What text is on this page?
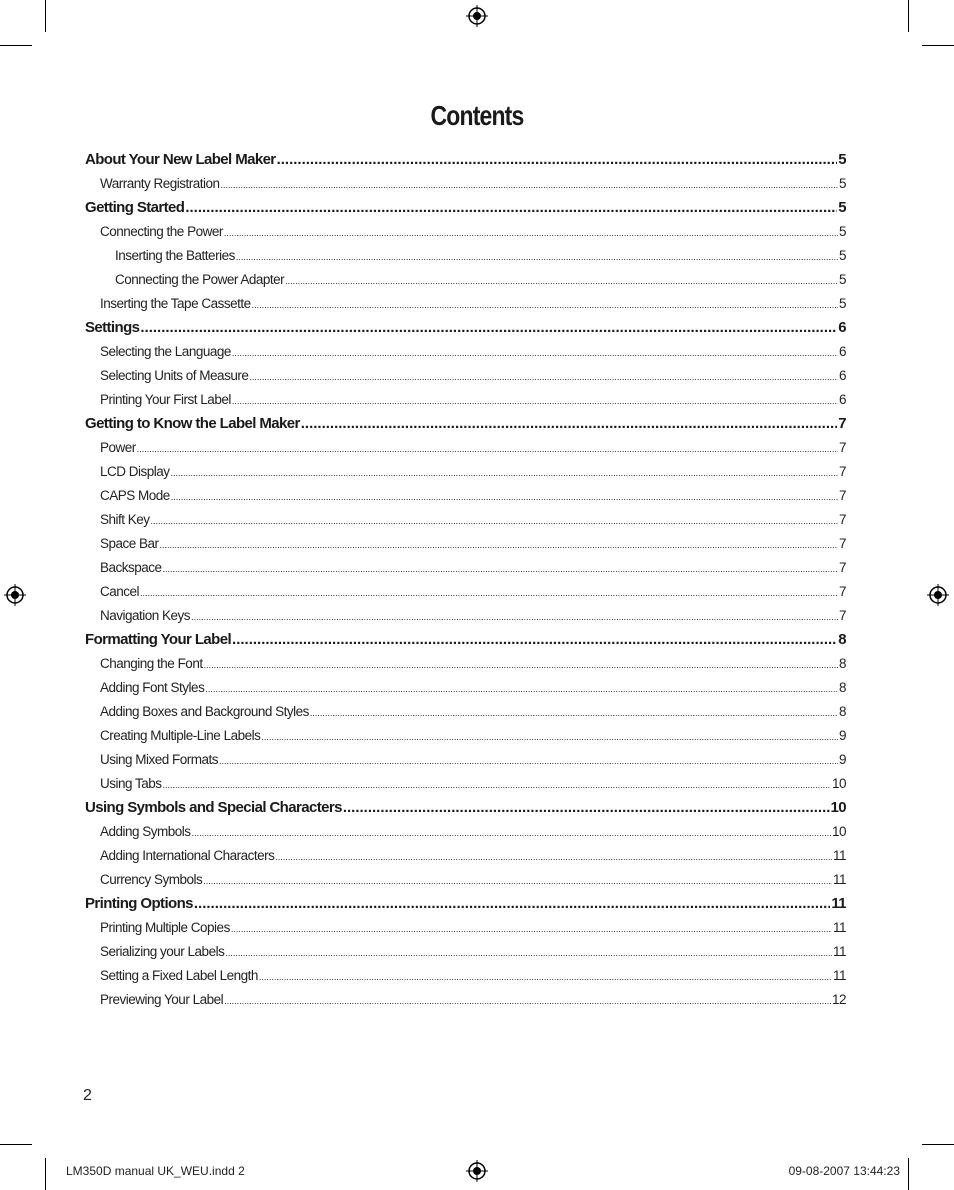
Contents
About Your New Label Maker .....	5
Warranty Registration .....	5
Getting Started .....	5
Connecting the Power .....	5
Inserting the Batteries .....	5
Connecting the Power Adapter .....	5
Inserting the Tape Cassette .....	5
Settings .....	6
Selecting the Language .....	6
Selecting Units of Measure .....	6
Printing Your First Label .....	6
Getting to Know the Label Maker .....	7
Power .....	7
LCD Display .....	7
CAPS Mode .....	7
Shift Key .....	7
Space Bar .....	7
Backspace .....	7
Cancel .....	7
Navigation Keys .....	7
Formatting Your Label .....	8
Changing the Font .....	8
Adding Font Styles .....	8
Adding Boxes and Background Styles .....	8
Creating Multiple-Line Labels .....	9
Using Mixed Formats .....	9
Using Tabs .....	10
Using Symbols and Special Characters .....	10
Adding Symbols .....	10
Adding International Characters .....	11
Currency Symbols .....	11
Printing Options .....	11
Printing Multiple Copies .....	11
Serializing your Labels .....	11
Setting a Fixed Label Length .....	11
Previewing Your Label .....	12
2
LM350D manual UK_WEU.indd 2	09-08-2007 13:44:23
